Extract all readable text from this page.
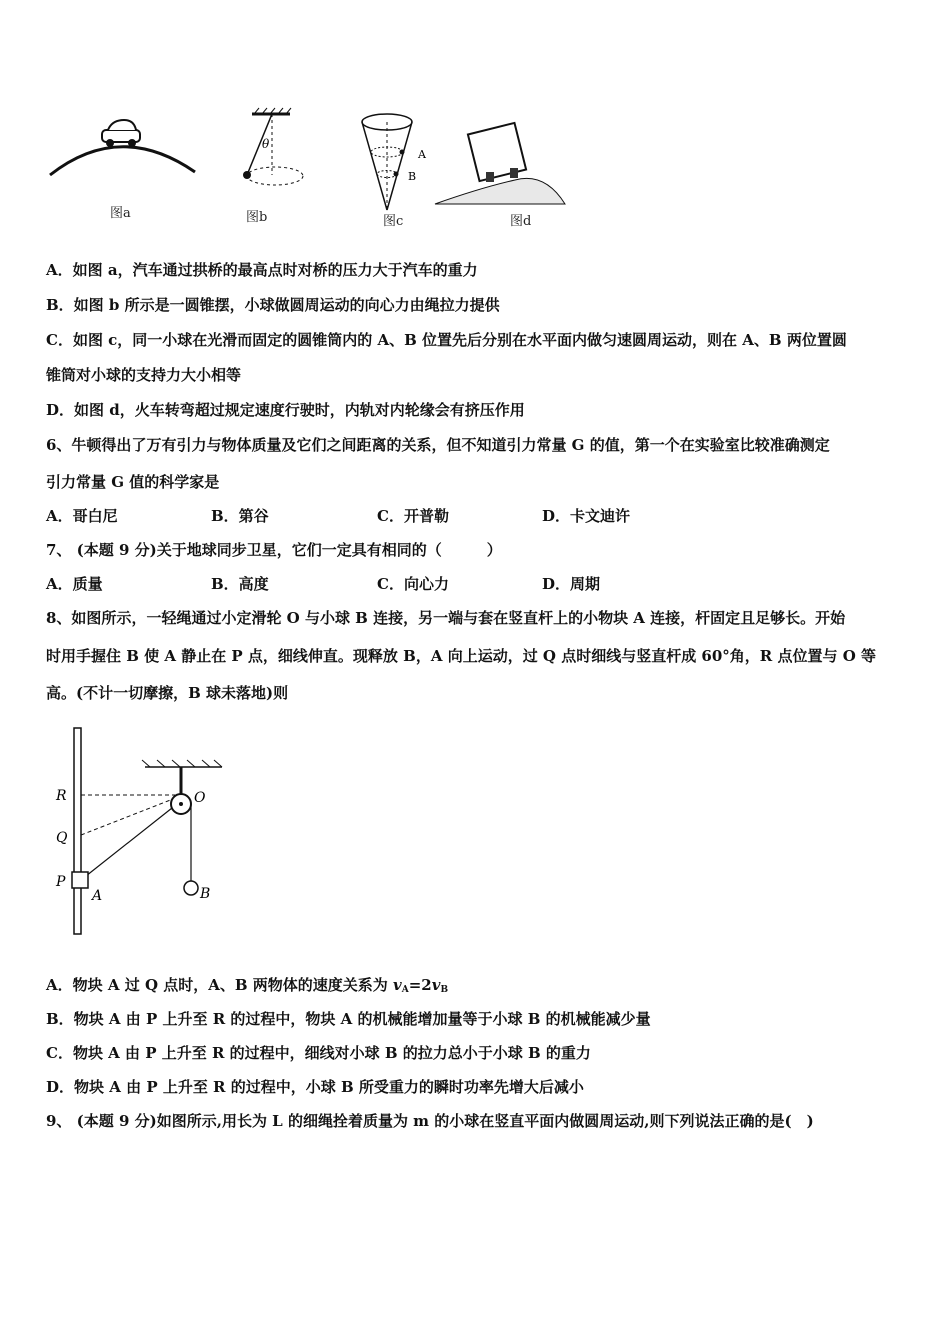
θ
A
B
图a	图b	图c	图d
A．如图 a，汽车通过拱桥的最高点时对桥的压力大于汽车的重力
B．如图 b 所示是一圆锥摆，小球做圆周运动的向心力由绳拉力提供
C．如图 c，同一小球在光滑而固定的圆锥筒内的 A、B 位置先后分别在水平面内做匀速圆周运动，则在 A、B 两位置圆
锥筒对小球的支持力大小相等
D．如图 d，火车转弯超过规定速度行驶时，内轨对内轮缘会有挤压作用
6、牛顿得出了万有引力与物体质量及它们之间距离的关系，但不知道引力常量 G 的值，第一个在实验室比较准确测定
引力常量 G 值的科学家是
A．哥白尼	B．第谷	C．开普勒	D．卡文迪许
7、 (本题 9 分)关于地球同步卫星，它们一定具有相同的（　　　）
A．质量	B．高度	C．向心力	D．周期
8、如图所示，一轻绳通过小定滑轮 O 与小球 B 连接，另一端与套在竖直杆上的小物块 A 连接，杆固定且足够长。开始
时用手握住 B 使 A 静止在 P 点，细线伸直。现释放 B，A 向上运动，过 Q 点时细线与竖直杆成 60°角，R 点位置与 O 等
高。(不计一切摩擦，B 球未落地)则
R
Q
P
A
O
B
A．物块 A 过 Q 点时，A、B 两物体的速度关系为 $v_A=2v_B$
B．物块 A 由 P 上升至 R 的过程中，物块 A 的机械能增加量等于小球 B 的机械能减少量
C．物块 A 由 P 上升至 R 的过程中，细线对小球 B 的拉力总小于小球 B 的重力
D．物块 A 由 P 上升至 R 的过程中，小球 B 所受重力的瞬时功率先增大后减小
9、 (本题 9 分)如图所示,用长为 L 的细绳拴着质量为 m 的小球在竖直平面内做圆周运动,则下列说法正确的是(　)
